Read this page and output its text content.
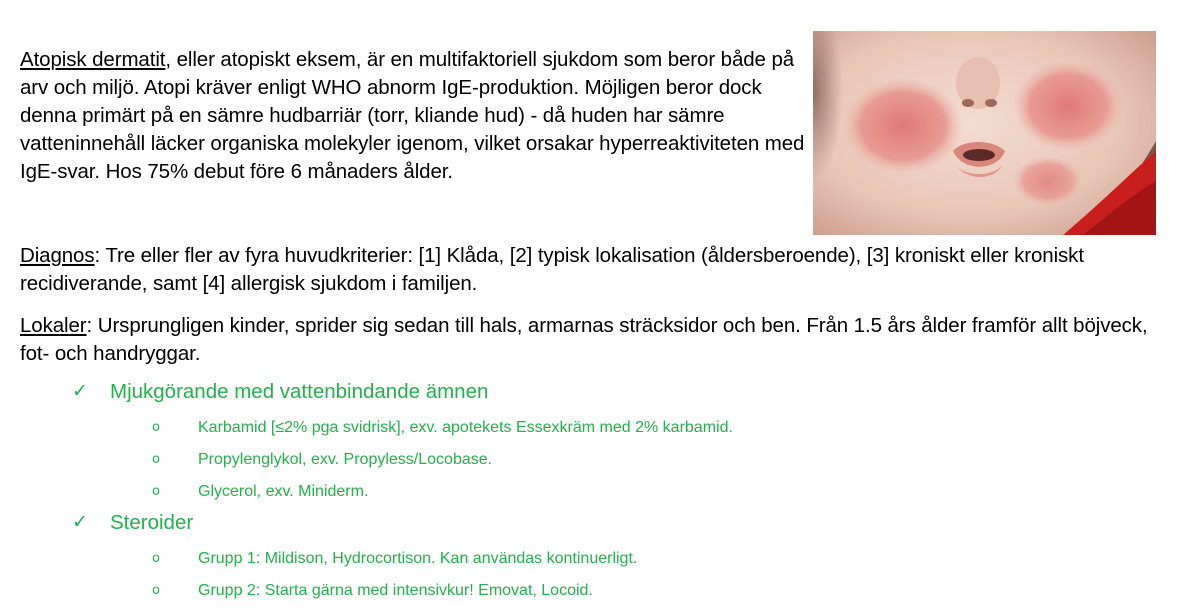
Atopisk dermatit, eller atopiskt eksem, är en multifaktoriell sjukdom som beror både på arv och miljö. Atopi kräver enligt WHO abnorm IgE-produktion. Möjligen beror dock denna primärt på en sämre hudbarriär (torr, kliande hud) - då huden har sämre vatteninnehåll läcker organiska molekyler igenom, vilket orsakar hyperreaktiviteten med IgE-svar. Hos 75% debut före 6 månaders ålder.

Diagnos: Tre eller fler av fyra huvudkriterier: [1] Klåda, [2] typisk lokalisation (åldersberoende), [3] kroniskt eller kroniskt recidiverande, samt [4] allergisk sjukdom i familjen.

Lokaler: Ursprungligen kinder, sprider sig sedan till hals, armarnas sträcksidor och ben. Från 1.5 års ålder framför allt böjveck, fot- och handryggar.

✓	Mjukgörande med vattenbindande ämnen
o	Karbamid [≤2% pga svidrisk], exv. apotekets Essexkräm med 2% karbamid.
o	Propylenglykol, exv. Propyless/Locobase.
o	Glycerol, exv. Miniderm.
✓	Steroider
o	Grupp 1: Mildison, Hydrocortison. Kan användas kontinuerligt.
o	Grupp 2: Starta gärna med intensivkur! Emovat, Locoid.
